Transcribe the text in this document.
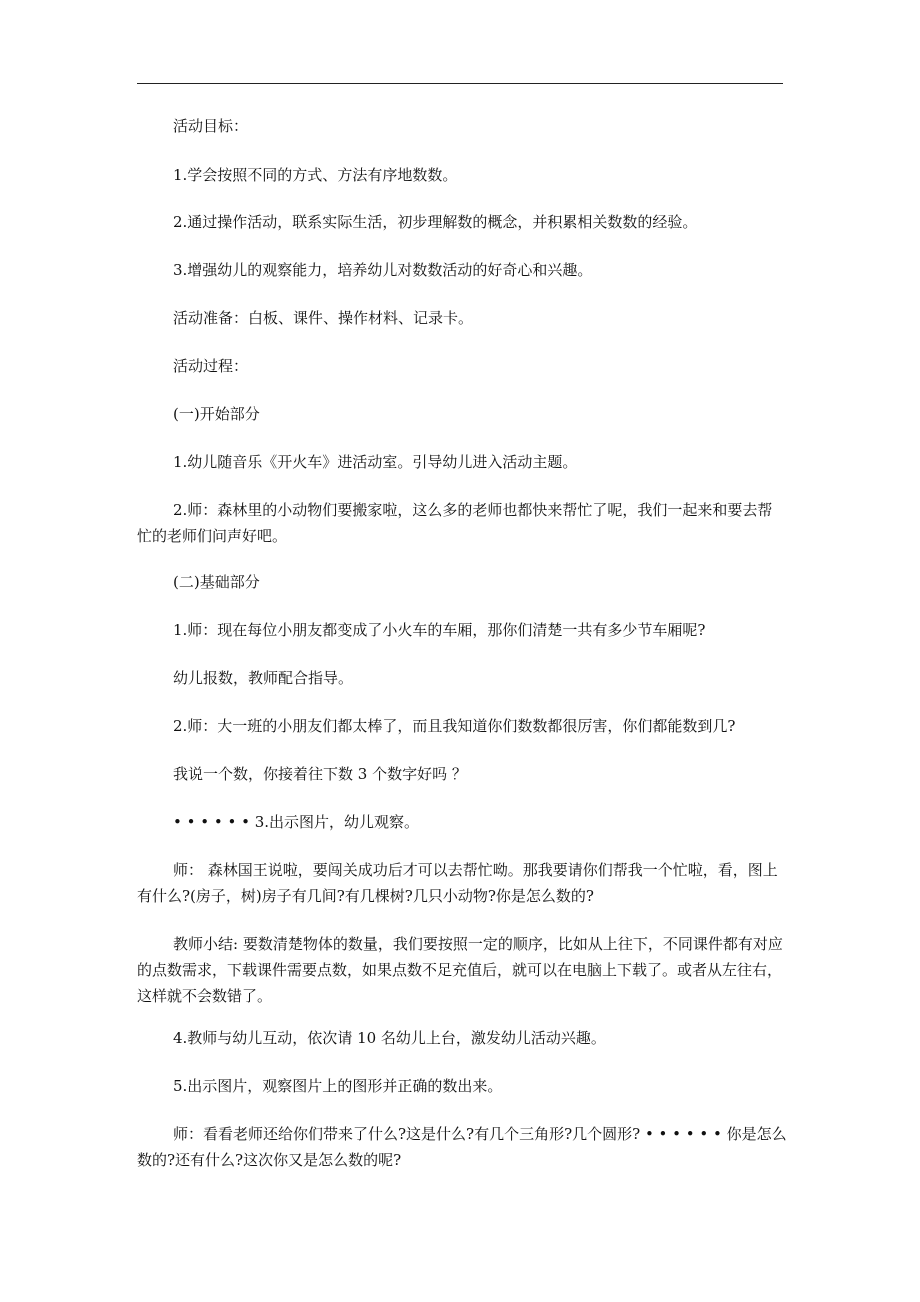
活动目标：
1.学会按照不同的方式、方法有序地数数。
2.通过操作活动，联系实际生活，初步理解数的概念，并积累相关数数的经验。
3.增强幼儿的观察能力，培养幼儿对数数活动的好奇心和兴趣。
活动准备：白板、课件、操作材料、记录卡。
活动过程：
(一)开始部分
1.幼儿随音乐《开火车》进活动室。引导幼儿进入活动主题。
2.师：森林里的小动物们要搬家啦，这么多的老师也都快来帮忙了呢，我们一起来和要去帮忙的老师们问声好吧。
(二)基础部分
1.师：现在每位小朋友都变成了小火车的车厢，那你们清楚一共有多少节车厢呢?
幼儿报数，教师配合指导。
2.师：大一班的小朋友们都太棒了，而且我知道你们数数都很厉害，你们都能数到几?
我说一个数，你接着往下数 3 个数字好吗 ？
• • • • • • 3.出示图片，幼儿观察。
师： 森林国王说啦，要闯关成功后才可以去帮忙呦。那我要请你们帮我一个忙啦，看，图上有什么?(房子，树)房子有几间?有几棵树?几只小动物?你是怎么数的?
教师小结: 要数清楚物体的数量，我们要按照一定的顺序，比如从上往下，不同课件都有对应的点数需求，下载课件需要点数，如果点数不足充值后，就可以在电脑上下载了。或者从左往右，这样就不会数错了。
4.教师与幼儿互动，依次请 10 名幼儿上台，激发幼儿活动兴趣。
5.出示图片，观察图片上的图形并正确的数出来。
师：看看老师还给你们带来了什么?这是什么?有几个三角形?几个圆形? • • • • • • 你是怎么数的?还有什么?这次你又是怎么数的呢?
